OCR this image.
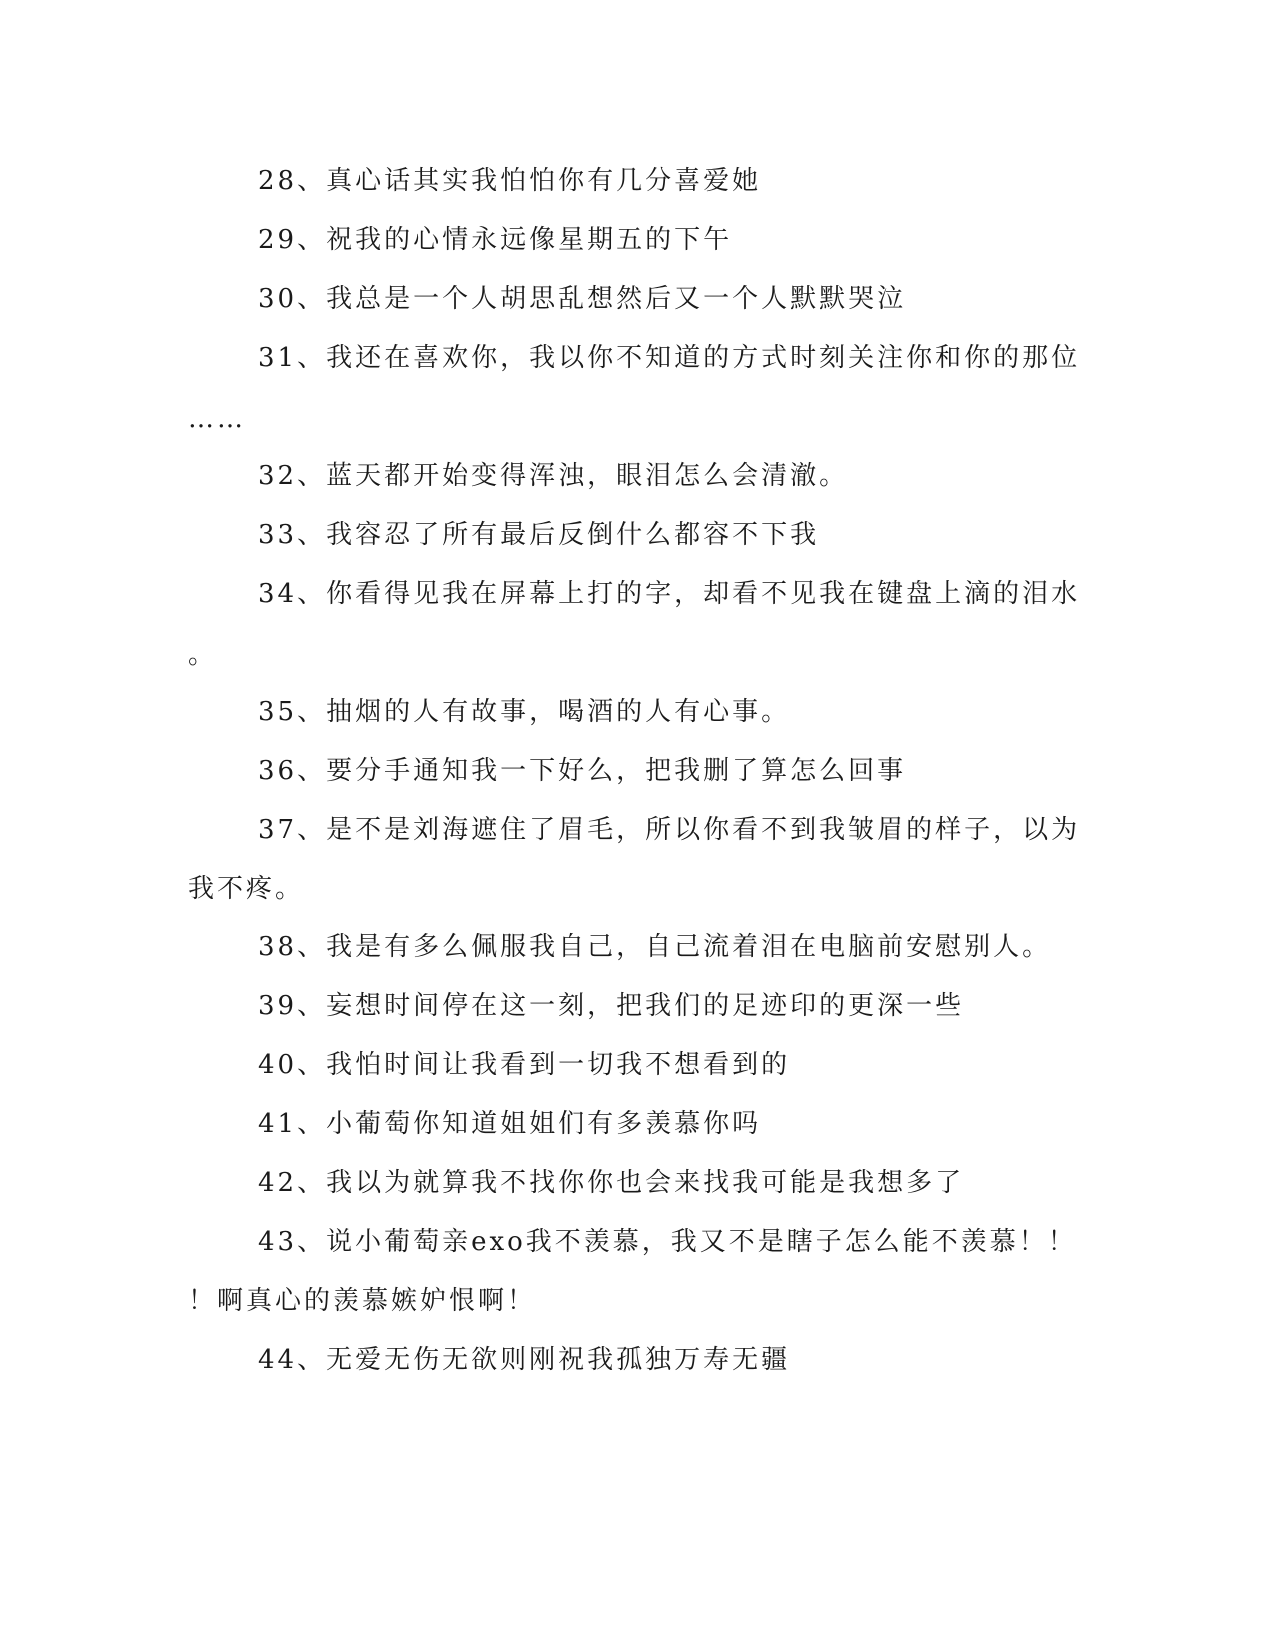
28、真心话其实我怕怕你有几分喜爱她
29、祝我的心情永远像星期五的下午
30、我总是一个人胡思乱想然后又一个人默默哭泣
31、我还在喜欢你，我以你不知道的方式时刻关注你和你的那位
……
32、蓝天都开始变得浑浊，眼泪怎么会清澈。
33、我容忍了所有最后反倒什么都容不下我
34、你看得见我在屏幕上打的字，却看不见我在键盘上滴的泪水
。
35、抽烟的人有故事，喝酒的人有心事。
36、要分手通知我一下好么，把我删了算怎么回事
37、是不是刘海遮住了眉毛，所以你看不到我皱眉的样子，以为
我不疼。
38、我是有多么佩服我自己，自己流着泪在电脑前安慰别人。
39、妄想时间停在这一刻，把我们的足迹印的更深一些
40、我怕时间让我看到一切我不想看到的
41、小葡萄你知道姐姐们有多羡慕你吗
42、我以为就算我不找你你也会来找我可能是我想多了
43、说小葡萄亲exo我不羡慕，我又不是瞎子怎么能不羡慕！！
！啊真心的羡慕嫉妒恨啊！
44、无爱无伤无欲则刚祝我孤独万寿无疆
